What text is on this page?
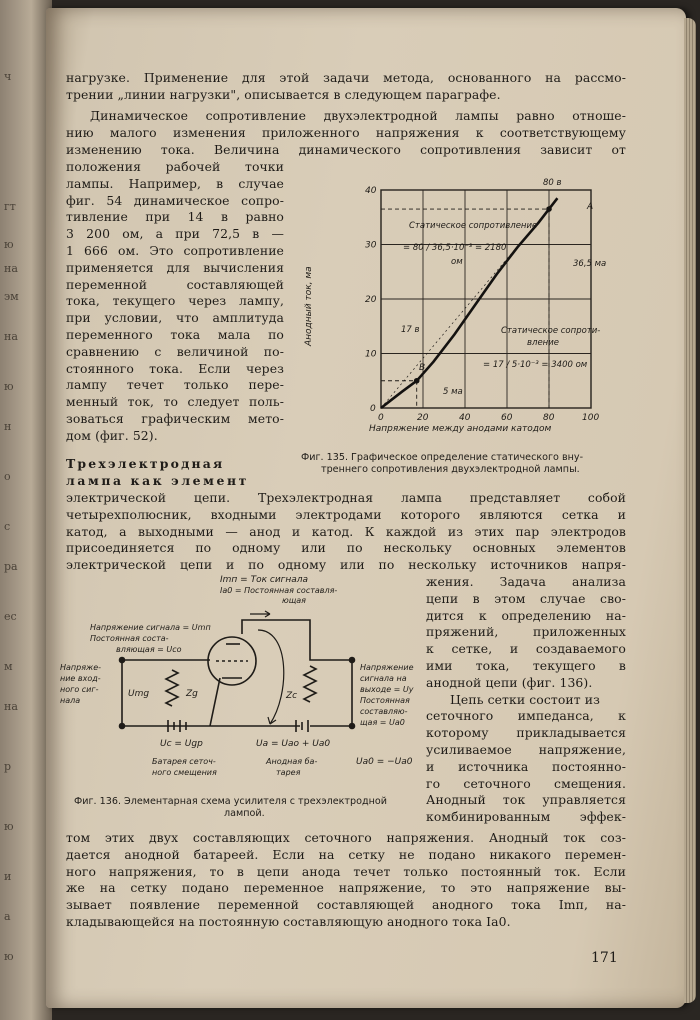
ч
гт
ю
на
эм
на
ю
н
о
с
ра
ес
м
на
р
ю
и
а
ю
нагрузке. Применение для этой задачи метода, основанного на рассмо-
трении „линии нагрузки", описывается в следующем параграфе.
Динамическое сопротивление двухэлектродной лампы равно отноше-
нию малого изменения приложенного напряжения к соответствующему
изменению тока. Величина динамического сопротивления зависит от
положения рабочей точки
лампы. Например, в случае
фиг. 54 динамическое сопро-
тивление при 14 в равно
3 200 ом, а при 72,5 в —
1 666 ом. Это сопротивление
применяется для вычисления
переменной составляющей
тока, текущего через лампу,
при условии, что амплитуда
переменного тока мала по
сравнению с величиной по-
стоянного тока. Если через
лампу течет только пере-
менный ток, то следует поль-
зоваться графическим мето-
дом (фиг. 52).
0	20	40	60	80	100
0
10
20
30
40
Анодный ток, ма
Напряжение между анодами катодом
A
B
80 в
Статическое сопротивление
= 80 / 36,5·10⁻³ = 2180
ом	36,5 ма
Статическое сопроти-
вление
= 17 / 5·10⁻³ = 3400 ом
17 в
5 ма
Фиг. 135. Графическое определение статического вну-
треннего сопротивления двухэлектродной лампы.
Трехэлектродная
лампа как элемент
электрической цепи. Трехэлектродная лампа представляет собой
четырехполюсник, входными электродами которого являются сетка и
катод, а выходными — анод и катод. К каждой из этих пар электродов
присоединяется по одному или по нескольку основных элементов
электрической цепи и по одному или по нескольку источников напря-
жения. Задача анализа
цепи в этом случае сво-
дится к определению на-
пряжений, приложенных
к сетке, и создаваемого
ими тока, текущего в
анодной цепи (фиг. 136).
Цепь сетки состоит из
сеточного импеданса, к
которому прикладывается
усиливаемое напряжение,
и источника постоянно-
го сеточного смещения.
Анодный ток управляется
комбинированным эффек-
Imп = Ток сигнала
Ia0 = Постоянная составля-
ющая
Напряжение сигнала = Umп
Постоянная соста-
вляющая = Uco
Напряже-
ние вход-
ного сиг-
нала
Umg	Zg	Zc
Напряжение
сигнала на
выходе = Uy
Постоянная
составляю-
щая = Ua0
Uc = Ugp	Ua = Uao + Ua0
Ua0 = −Ua0
Батарея сеточ-
ного смещения
Анодная ба-
тарея
Фиг. 136. Элементарная схема усилителя с трехэлектродной
лампой.
том этих двух составляющих сеточного напряжения. Анодный ток соз-
дается анодной батареей. Если на сетку не подано никакого перемен-
ного напряжения, то в цепи анода течет только постоянный ток. Если
же на сетку подано переменное напряжение, то это напряжение вы-
зывает появление переменной составляющей анодного тока Imп, на-
кладывающейся на постоянную составляющую анодного тока Ia0.
171
